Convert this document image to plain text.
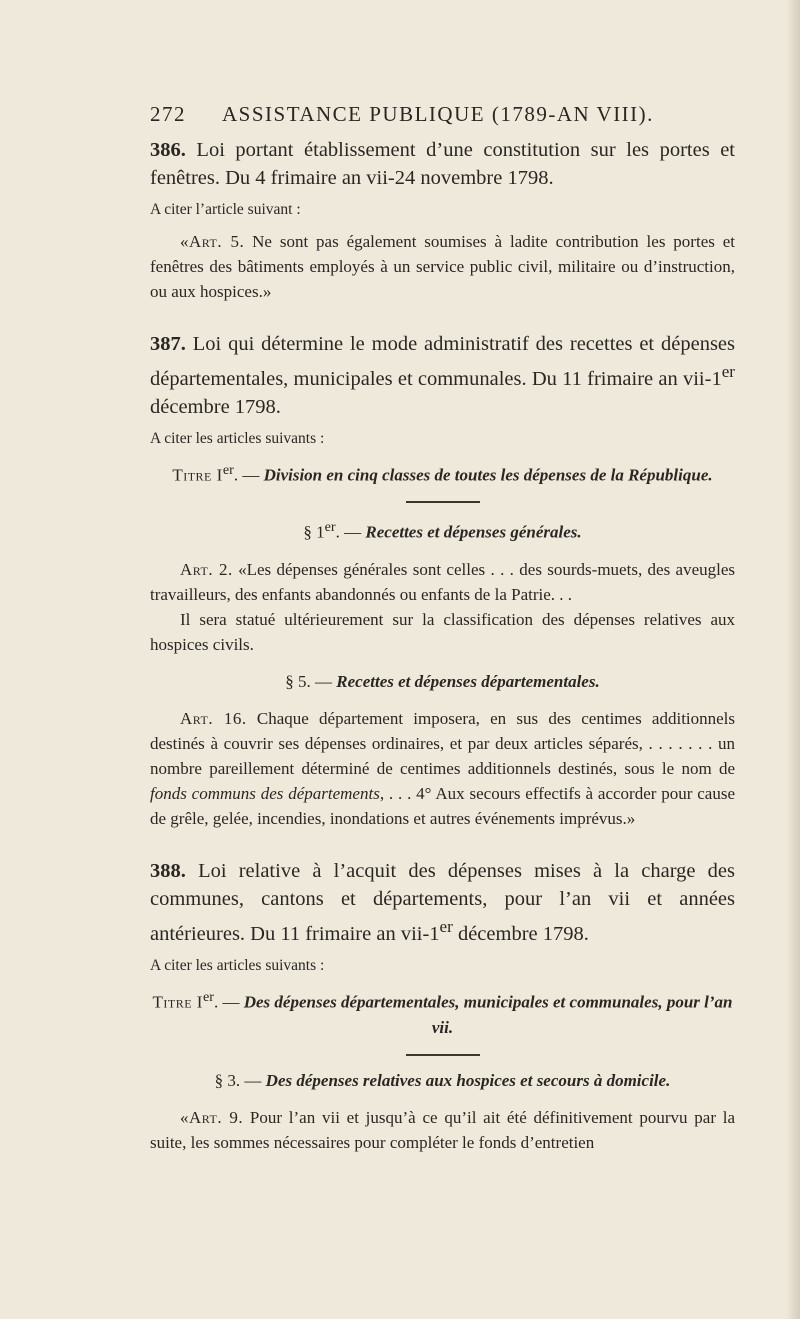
272	ASSISTANCE PUBLIQUE (1789-AN VIII).

386. Loi portant établissement d’une constitution sur les portes et fenêtres. Du 4 frimaire an vii-24 novembre 1798.

A citer l’article suivant :

«Art. 5. Ne sont pas également soumises à ladite contribution les portes et fenêtres des bâtiments employés à un service public civil, militaire ou d’instruction, ou aux hospices.»

387. Loi qui détermine le mode administratif des recettes et dépenses départementales, municipales et communales. Du 11 frimaire an vii-1er décembre 1798.

A citer les articles suivants :

Titre Ier. — Division en cinq classes de toutes les dépenses de la République.

§ 1er. — Recettes et dépenses générales.

Art. 2. «Les dépenses générales sont celles . . . des sourds-muets, des aveugles travailleurs, des enfants abandonnés ou enfants de la Patrie. . .

Il sera statué ultérieurement sur la classification des dépenses relatives aux hospices civils.

§ 5. — Recettes et dépenses départementales.

Art. 16. Chaque département imposera, en sus des centimes additionnels destinés à couvrir ses dépenses ordinaires, et par deux articles séparés, . . . . . . . un nombre pareillement déterminé de centimes additionnels destinés, sous le nom de fonds communs des départements, . . . 4° Aux secours effectifs à accorder pour cause de grêle, gelée, incendies, inondations et autres événements imprévus.»

388. Loi relative à l’acquit des dépenses mises à la charge des communes, cantons et départements, pour l’an vii et années antérieures. Du 11 frimaire an vii-1er décembre 1798.

A citer les articles suivants :

Titre Ier. — Des dépenses départementales, municipales et communales, pour l’an vii.

§ 3. — Des dépenses relatives aux hospices et secours à domicile.

«Art. 9. Pour l’an vii et jusqu’à ce qu’il ait été définitivement pourvu par la suite, les sommes nécessaires pour compléter le fonds d’entretien
